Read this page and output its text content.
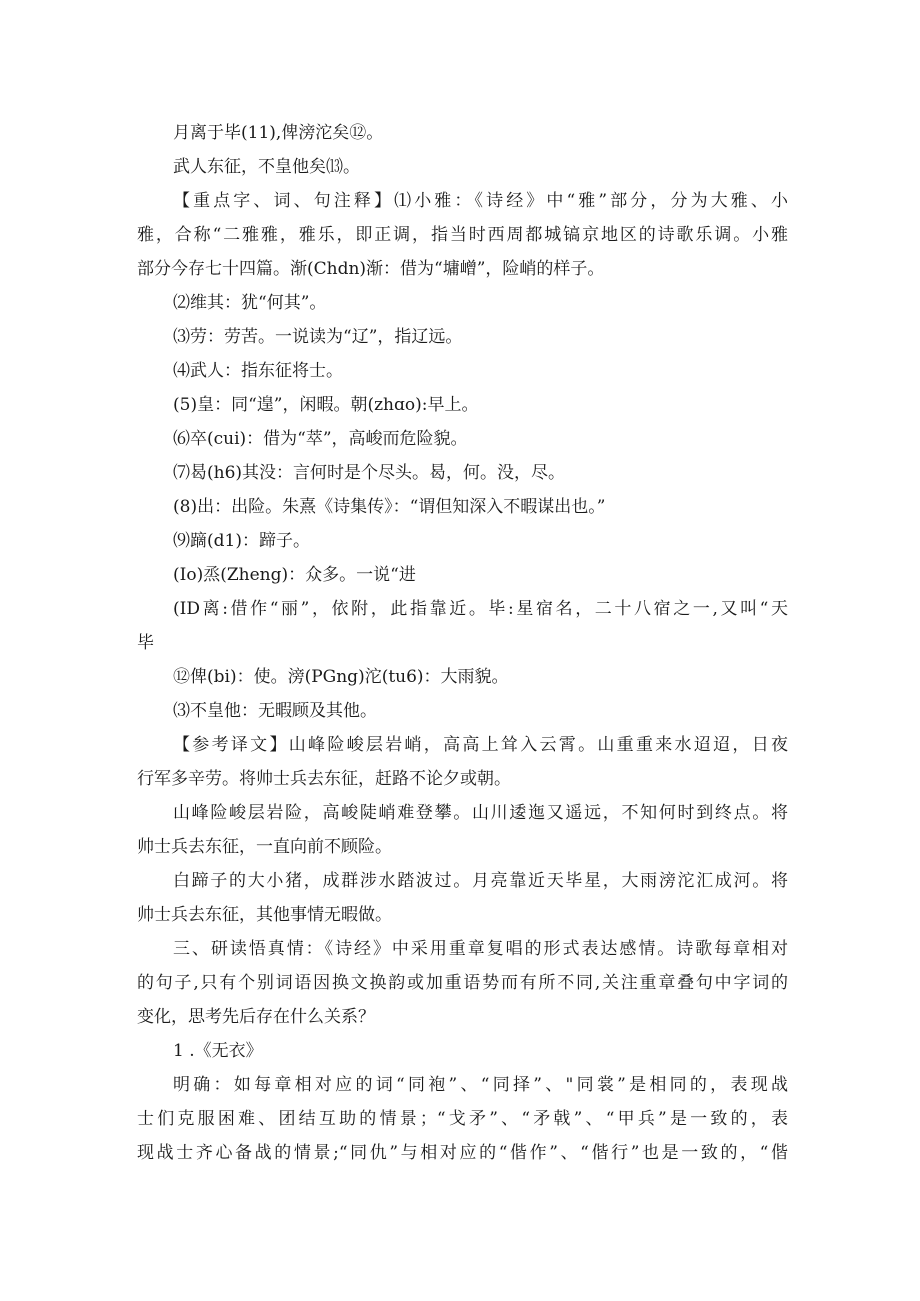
月离于毕(11),俾滂沱矣⑫。
武人东征，不皇他矣⒀。
【重点字、词、句注释】⑴小雅：《诗经》中“雅”部分，分为大雅、小
雅，合称“二雅雅，雅乐，即正调，指当时西周都城镐京地区的诗歌乐调。小雅
部分今存七十四篇。渐(Chdn)渐：借为“墉嶒”，险峭的样子。
⑵维其：犹“何其”。
⑶劳：劳苦。一说读为“辽”，指辽远。
⑷武人：指东征将士。
(5)皇：同“遑”，闲暇。朝(zhɑo):早上。
⑹卒(cui)：借为“萃”，高峻而危险貌。
⑺曷(h6)其没：言何时是个尽头。曷，何。没，尽。
(8)出：出险。朱熹《诗集传》：“谓但知深入不暇谋出也。”
⑼蹢(d1)：蹄子。
(Io)烝(Zheng)：众多。一说“进
(ID离:借作“丽”，依附，此指靠近。毕:星宿名，二十八宿之一,又叫“天
毕
⑫俾(bi)：使。滂(PGng)沱(tu6)：大雨貌。
⑶不皇他：无暇顾及其他。
【参考译文】山峰险峻层岩峭，高高上耸入云霄。山重重来水迢迢，日夜
行军多辛劳。将帅士兵去东征，赶路不论夕或朝。
山峰险峻层岩险，高峻陡峭难登攀。山川逶迤又遥远，不知何时到终点。将
帅士兵去东征，一直向前不顾险。
白蹄子的大小猪，成群涉水踏波过。月亮靠近天毕星，大雨滂沱汇成河。将
帅士兵去东征，其他事情无暇做。
三、研读悟真情：《诗经》中采用重章复唱的形式表达感情。诗歌每章相对
的句子,只有个别词语因换文换韵或加重语势而有所不同,关注重章叠句中字词的
变化，思考先后存在什么关系？
1 .《无衣》
明确：如每章相对应的词“同袍”、“同择”、"同裳”是相同的，表现战
士们克服困难、团结互助的情景；“戈矛”、“矛戟”、“甲兵”是一致的，表
现战士齐心备战的情景;“同仇”与相对应的“偕作”、“偕行”也是一致的，“偕
